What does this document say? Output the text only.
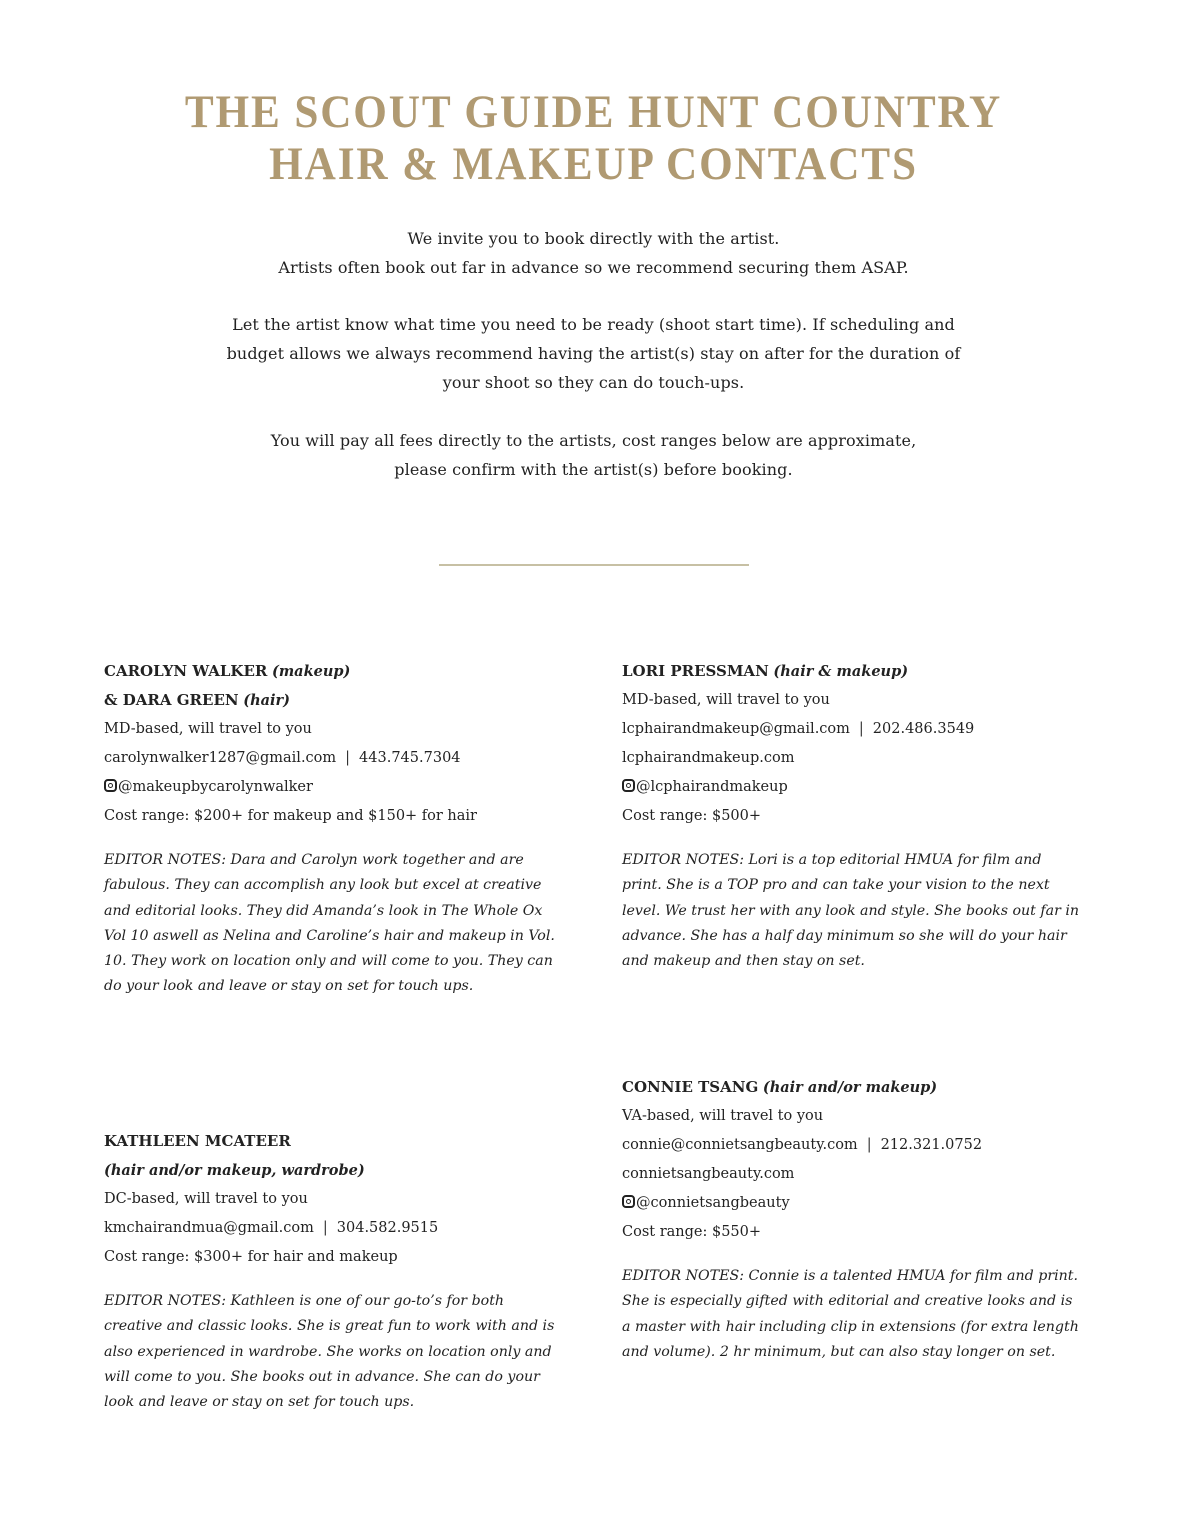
THE SCOUT GUIDE HUNT COUNTRY
HAIR & MAKEUP CONTACTS

We invite you to book directly with the artist.

Artists often book out far in advance so we recommend securing them ASAP.

Let the artist know what time you need to be ready (shoot start time). If scheduling and

budget allows we always recommend having the artist(s) stay on after for the duration of

your shoot so they can do touch-ups.

You will pay all fees directly to the artists, cost ranges below are approximate,

please confirm with the artist(s) before booking.

CAROLYN WALKER (makeup)
& DARA GREEN (hair)
MD-based, will travel to you
carolynwalker1287@gmail.com | 443.745.7304
@makeupbycarolynwalker
Cost range: $200+ for makeup and $150+ for hair
EDITOR NOTES: Dara and Carolyn work together and are fabulous. They can accomplish any look but excel at creative and editorial looks. They did Amanda’s look in The Whole Ox Vol 10 aswell as Nelina and Caroline’s hair and makeup in Vol. 10. They work on location only and will come to you. They can do your look and leave or stay on set for touch ups.
LORI PRESSMAN (hair & makeup)
MD-based, will travel to you
lcphairandmakeup@gmail.com | 202.486.3549
lcphairandmakeup.com
@lcphairandmakeup
Cost range: $500+
EDITOR NOTES: Lori is a top editorial HMUA for film and print. She is a TOP pro and can take your vision to the next level. We trust her with any look and style. She books out far in advance. She has a half day minimum so she will do your hair and makeup and then stay on set.
KATHLEEN MCATEER
(hair and/or makeup, wardrobe)
DC-based, will travel to you
kmchairandmua@gmail.com | 304.582.9515
Cost range: $300+ for hair and makeup
EDITOR NOTES: Kathleen is one of our go-to’s for both creative and classic looks. She is great fun to work with and is also experienced in wardrobe. She works on location only and will come to you. She books out in advance. She can do your look and leave or stay on set for touch ups.
CONNIE TSANG (hair and/or makeup)
VA-based, will travel to you
connie@connietsangbeauty.com | 212.321.0752
connietsangbeauty.com
@connietsangbeauty
Cost range: $550+
EDITOR NOTES: Connie is a talented HMUA for film and print. She is especially gifted with editorial and creative looks and is a master with hair including clip in extensions (for extra length and volume). 2 hr minimum, but can also stay longer on set.
